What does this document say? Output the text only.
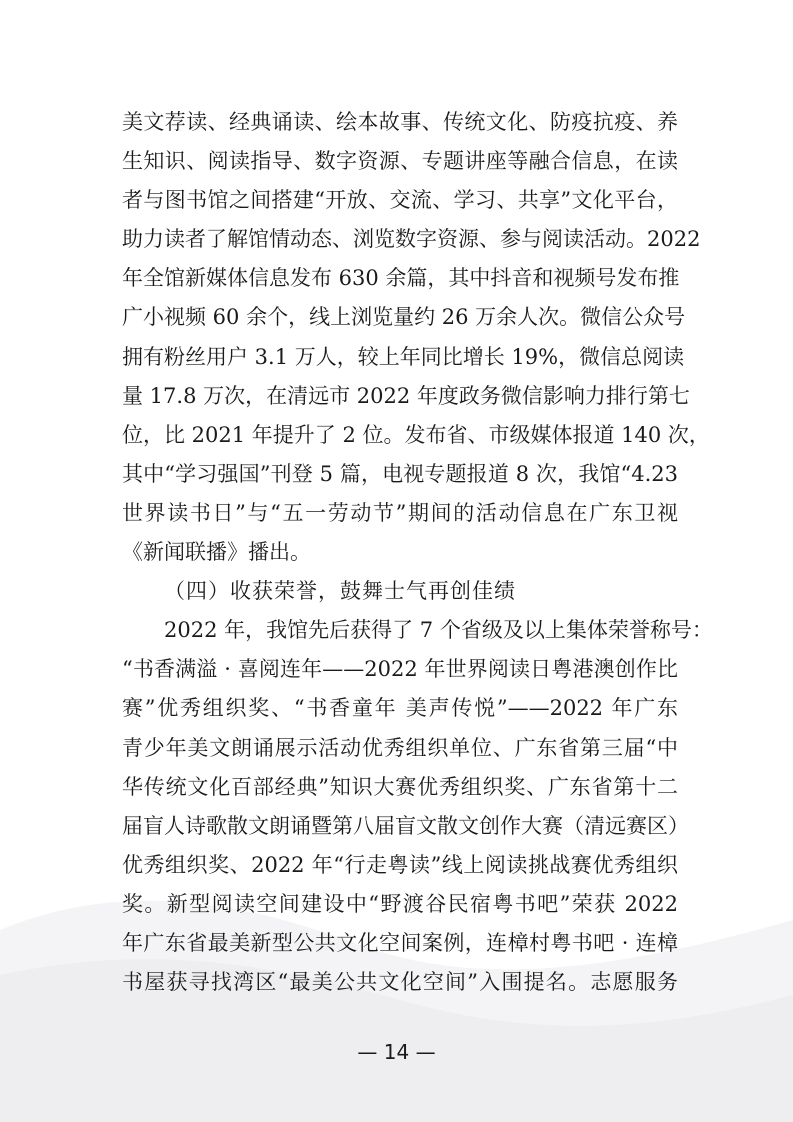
美文荐读、经典诵读、绘本故事、传统文化、防疫抗疫、养
生知识、阅读指导、数字资源、专题讲座等融合信息，在读
者与图书馆之间搭建“开放、交流、学习、共享”文化平台，
助力读者了解馆情动态、浏览数字资源、参与阅读活动。2022
年全馆新媒体信息发布 630 余篇，其中抖音和视频号发布推
广小视频 60 余个，线上浏览量约 26 万余人次。微信公众号
拥有粉丝用户 3.1 万人，较上年同比增长 19%，微信总阅读
量 17.8 万次，在清远市 2022 年度政务微信影响力排行第七
位，比 2021 年提升了 2 位。发布省、市级媒体报道 140 次，
其中“学习强国”刊登 5 篇，电视专题报道 8 次，我馆“4.23
世界读书日”与“五一劳动节”期间的活动信息在广东卫视
《新闻联播》播出。
（四）收获荣誉，鼓舞士气再创佳绩
2022 年，我馆先后获得了 7 个省级及以上集体荣誉称号：
“书香满溢 · 喜阅连年——2022 年世界阅读日粤港澳创作比
赛”优秀组织奖、“书香童年 美声传悦”——2022 年广东
青少年美文朗诵展示活动优秀组织单位、广东省第三届“中
华传统文化百部经典”知识大赛优秀组织奖、广东省第十二
届盲人诗歌散文朗诵暨第八届盲文散文创作大赛（清远赛区）
优秀组织奖、2022 年“行走粤读”线上阅读挑战赛优秀组织
奖。新型阅读空间建设中“野渡谷民宿粤书吧”荣获 2022
年广东省最美新型公共文化空间案例，连樟村粤书吧 · 连樟
书屋获寻找湾区“最美公共文化空间”入围提名。志愿服务
— 14 —
